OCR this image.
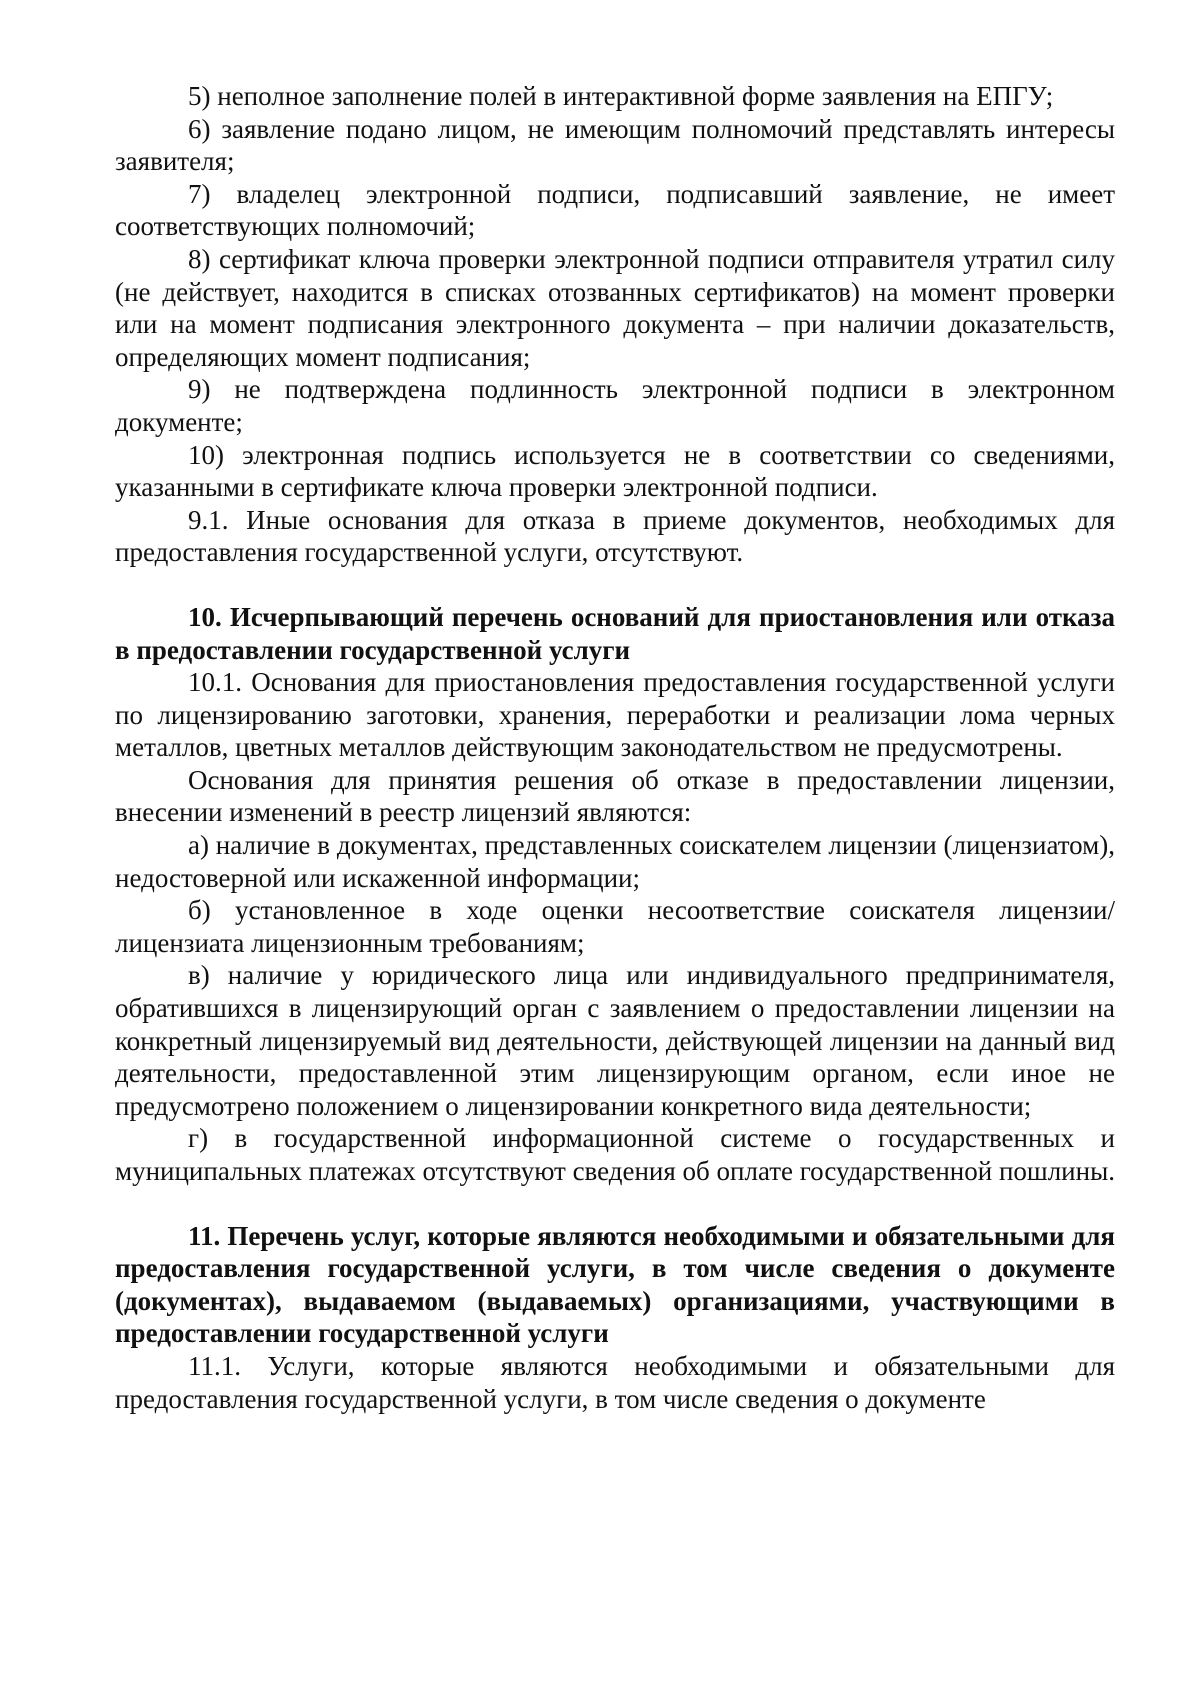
5) неполное заполнение полей в интерактивной форме заявления на ЕПГУ;

6) заявление подано лицом, не имеющим полномочий представлять интересы заявителя;

7) владелец электронной подписи, подписавший заявление, не имеет соответствующих полномочий;

8) сертификат ключа проверки электронной подписи отправителя утратил силу (не действует, находится в списках отозванных сертификатов) на момент проверки или на момент подписания электронного документа – при наличии доказательств, определяющих момент подписания;

9) не подтверждена подлинность электронной подписи в электронном документе;

10) электронная подпись используется не в соответствии со сведениями, указанными в сертификате ключа проверки электронной подписи.

9.1. Иные основания для отказа в приеме документов, необходимых для предоставления государственной услуги, отсутствуют.

10. Исчерпывающий перечень оснований для приостановления или отказа в предоставлении государственной услуги

10.1. Основания для приостановления предоставления государственной услуги по лицензированию заготовки, хранения, переработки и реализации лома черных металлов, цветных металлов действующим законодательством не предусмотрены.

Основания для принятия решения об отказе в предоставлении лицензии, внесении изменений в реестр лицензий являются:

а) наличие в документах, представленных соискателем лицензии (лицензиатом), недостоверной или искаженной информации;

б) установленное в ходе оценки несоответствие соискателя лицензии/лицензиата лицензионным требованиям;

в) наличие у юридического лица или индивидуального предпринимателя, обратившихся в лицензирующий орган с заявлением о предоставлении лицензии на конкретный лицензируемый вид деятельности, действующей лицензии на данный вид деятельности, предоставленной этим лицензирующим органом, если иное не предусмотрено положением о лицензировании конкретного вида деятельности;

г) в государственной информационной системе о государственных и муниципальных платежах отсутствуют сведения об оплате государственной пошлины.

11. Перечень услуг, которые являются необходимыми и обязательными для предоставления государственной услуги, в том числе сведения о документе (документах), выдаваемом (выдаваемых) организациями, участвующими в предоставлении государственной услуги

11.1. Услуги, которые являются необходимыми и обязательными для предоставления государственной услуги, в том числе сведения о документе
